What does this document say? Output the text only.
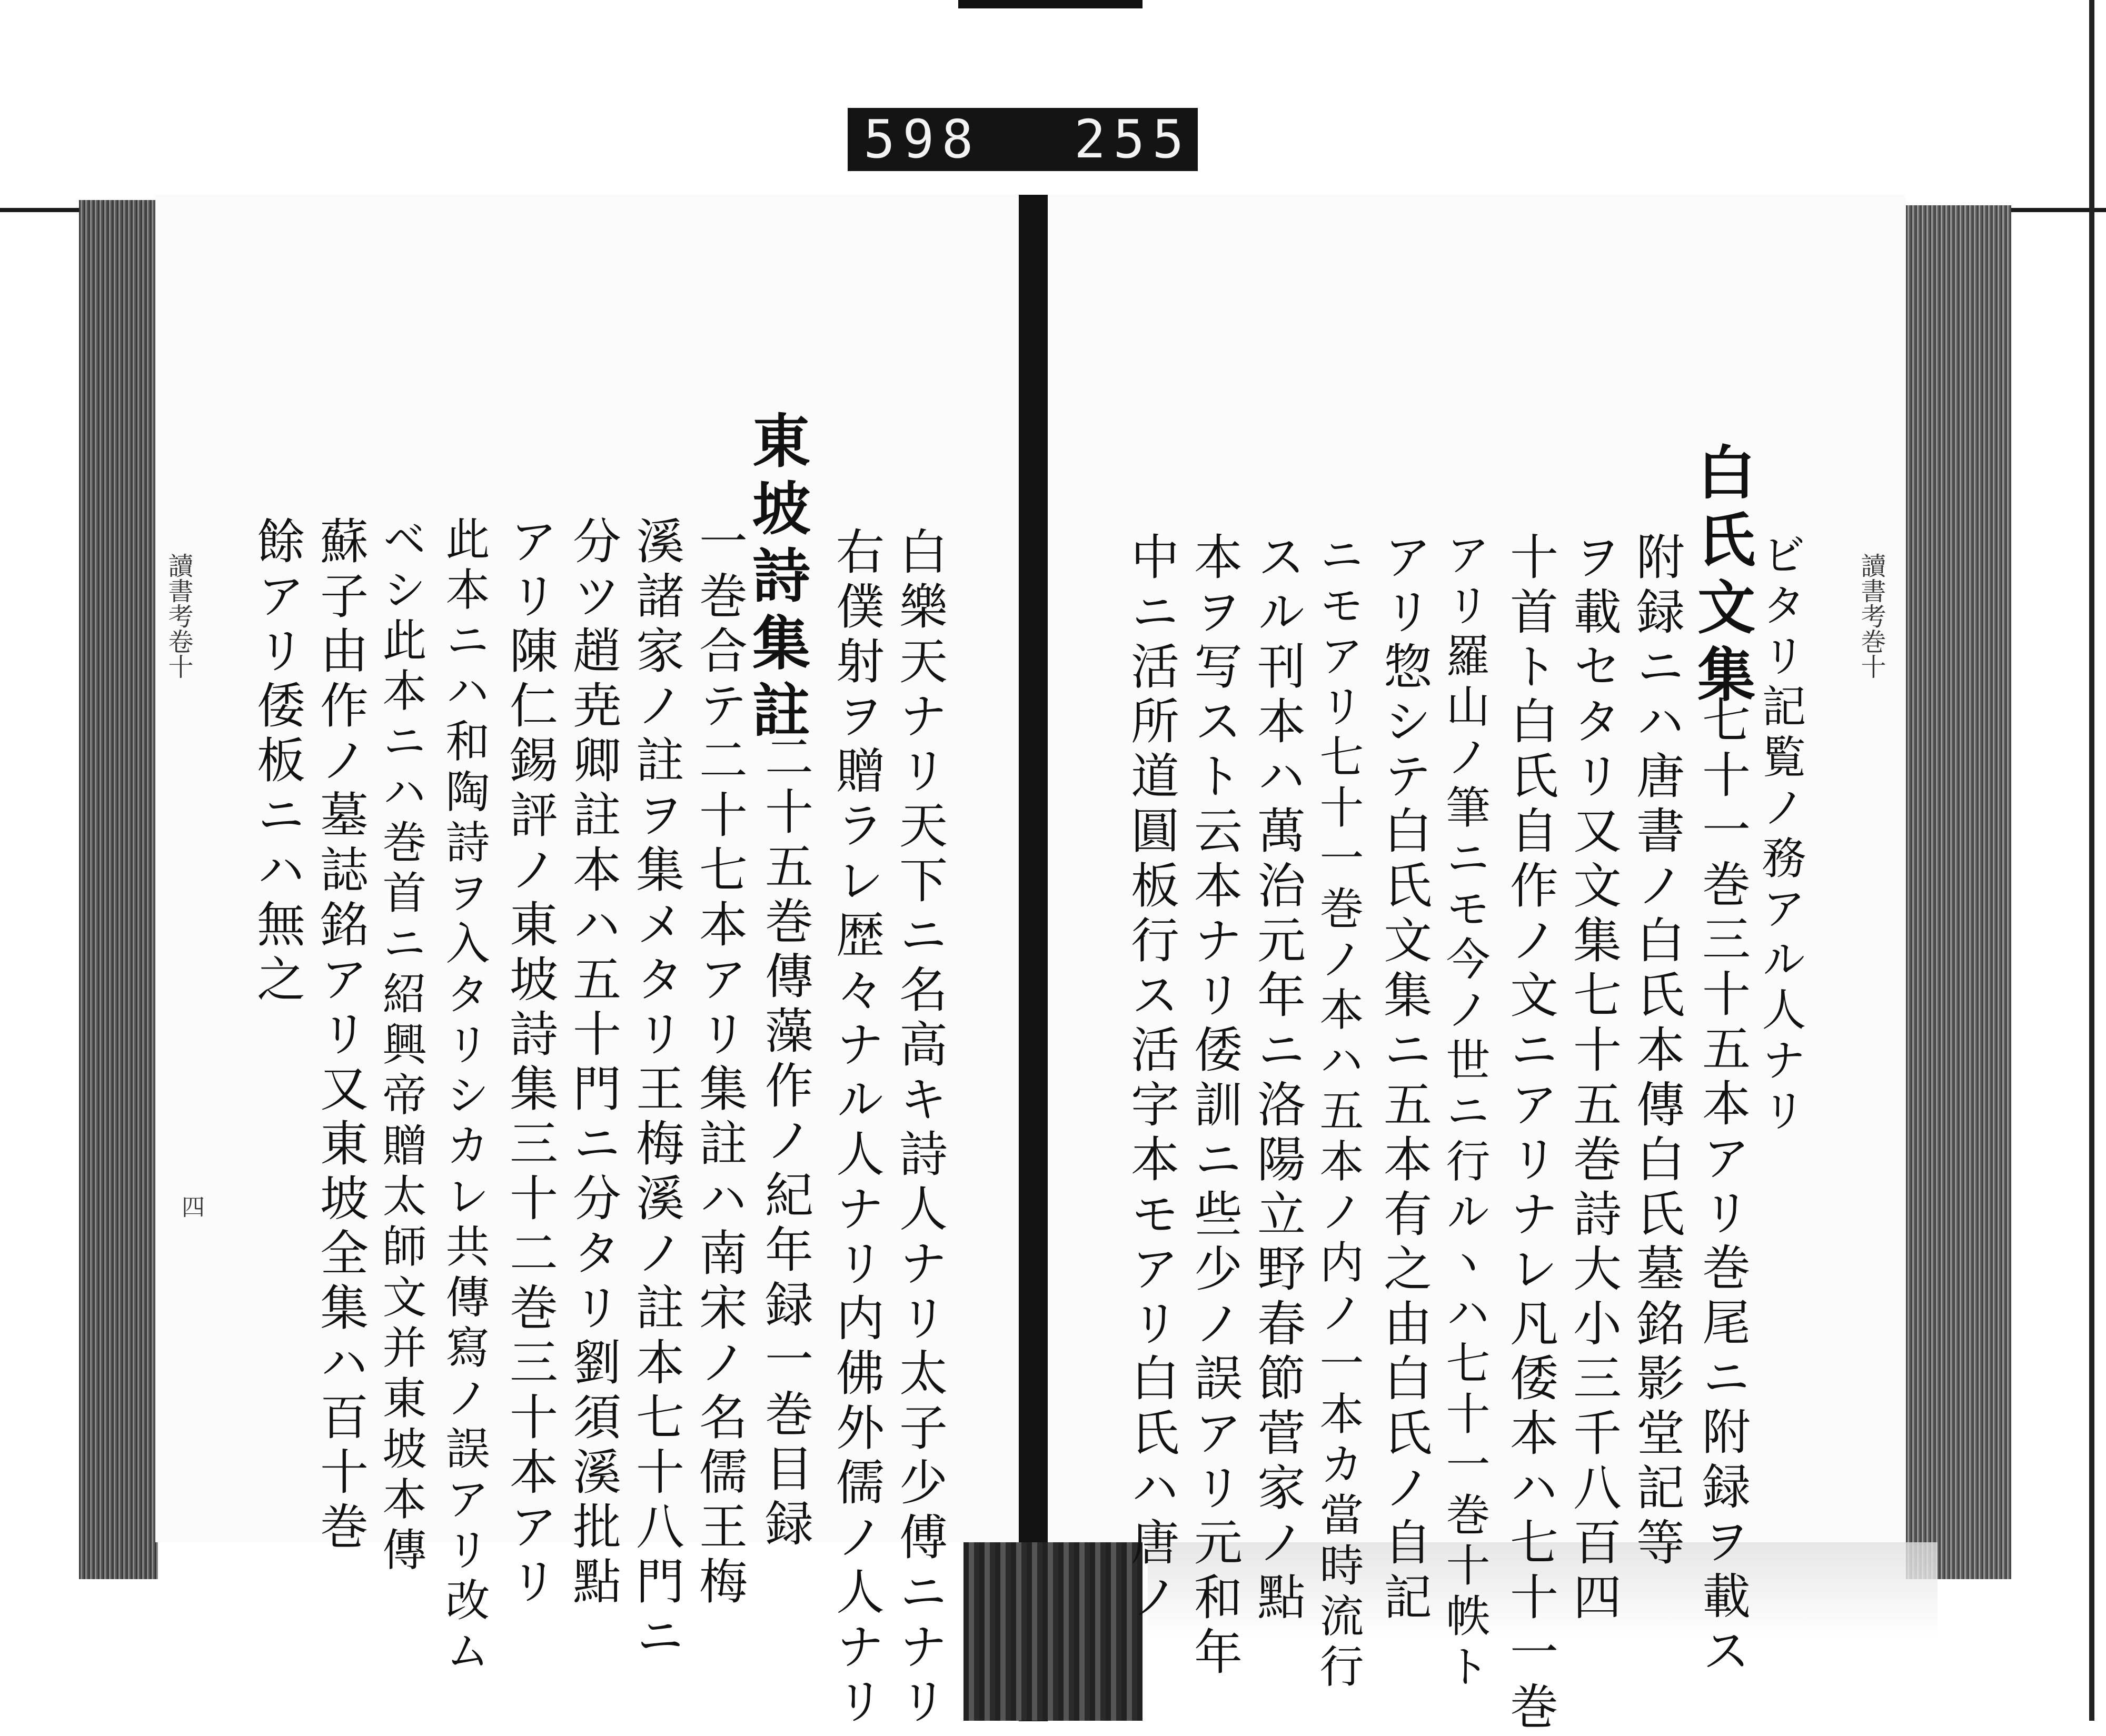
598 255
讀書考卷十	讀書考巻十
四
ビタリ記覧ノ務アル人ナリ
白氏文集
七十一巻三十五本アリ巻尾ニ附録ヲ載ス
附録ニハ唐書ノ白氏本傳白氏墓銘影堂記等
ヲ載セタリ又文集七十五巻詩大小三千八百四
十首ト白氏自作ノ文ニアリナレ凡倭本ハ七十一巻
アリ羅山ノ筆ニモ今ノ世ニ行ルヽハ七十一巻十帙ト
アリ惣シテ白氏文集ニ五本有之由白氏ノ自記
ニモアリ七十一巻ノ本ハ五本ノ内ノ一本カ當時流行
スル刊本ハ萬治元年ニ洛陽立野春節菅家ノ點
本ヲ写スト云本ナリ倭訓ニ些少ノ誤アリ元和年
中ニ活所道圓板行ス活字本モアリ白氏ハ唐ノ
白樂天ナリ天下ニ名高キ詩人ナリ太子少傅ニナリ
右僕射ヲ贈ラレ歴々ナル人ナリ内佛外儒ノ人ナリ
東坡詩集註
二十五巻傳藻作ノ紀年録一巻目録
一巻合テ二十七本アリ集註ハ南宋ノ名儒王梅
溪諸家ノ註ヲ集メタリ王梅溪ノ註本七十八門ニ
分ツ趙尭卿註本ハ五十門ニ分タリ劉須溪批點
アリ陳仁錫評ノ東坡詩集三十二巻三十本アリ
此本ニハ和陶詩ヲ入タリシカレ共傳寫ノ誤アリ改ム
ベシ此本ニハ巻首ニ紹興帝贈太師文并東坡本傳
蘇子由作ノ墓誌銘アリ又東坡全集ハ百十巻
餘アリ倭板ニハ無之
